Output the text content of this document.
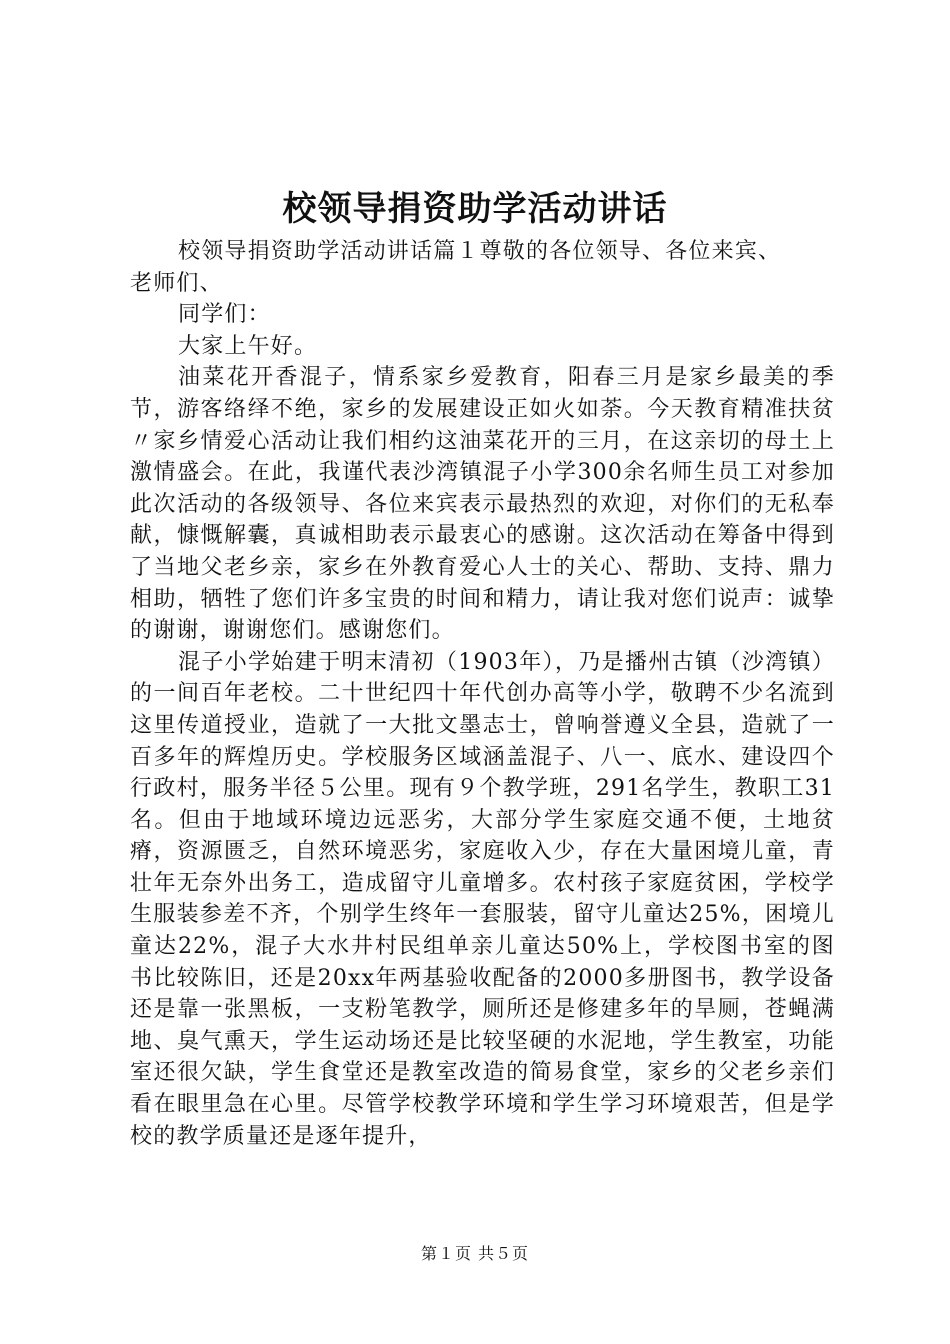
校领导捐资助学活动讲话

校领导捐资助学活动讲话篇１尊敬的各位领导、各位来宾、

老师们、

同学们：

大家上午好。

油菜花开香混子，情系家乡爱教育，阳春三月是家乡最美的季节，游客络绎不绝，家乡的发展建设正如火如荼。今天教育精准扶贫〃家乡情爱心活动让我们相约这油菜花开的三月，在这亲切的母土上激情盛会。在此，我谨代表沙湾镇混子小学300余名师生员工对参加此次活动的各级领导、各位来宾表示最热烈的欢迎，对你们的无私奉献，慷慨解囊，真诚相助表示最衷心的感谢。这次活动在筹备中得到了当地父老乡亲，家乡在外教育爱心人士的关心、帮助、支持、鼎力相助，牺牲了您们许多宝贵的时间和精力，请让我对您们说声：诚挚的谢谢，谢谢您们。感谢您们。

混子小学始建于明末清初（1903年），乃是播州古镇（沙湾镇）的一间百年老校。二十世纪四十年代创办高等小学，敬聘不少名流到这里传道授业，造就了一大批文墨志士，曾响誉遵义全县，造就了一百多年的辉煌历史。学校服务区域涵盖混子、八一、底水、建设四个行政村，服务半径５公里。现有９个教学班，291名学生，教职工31名。但由于地域环境边远恶劣，大部分学生家庭交通不便，土地贫瘠，资源匮乏，自然环境恶劣，家庭收入少，存在大量困境儿童，青壮年无奈外出务工，造成留守儿童增多。农村孩子家庭贫困，学校学生服装参差不齐，个别学生终年一套服装，留守儿童达25%，困境儿童达22%，混子大水井村民组单亲儿童达50%上，学校图书室的图书比较陈旧，还是20xx年两基验收配备的2000多册图书，教学设备还是靠一张黑板，一支粉笔教学，厕所还是修建多年的旱厕，苍蝇满地、臭气熏天，学生运动场还是比较坚硬的水泥地，学生教室，功能室还很欠缺，学生食堂还是教室改造的简易食堂，家乡的父老乡亲们看在眼里急在心里。尽管学校教学环境和学生学习环境艰苦，但是学校的教学质量还是逐年提升，

第１页 共５页
